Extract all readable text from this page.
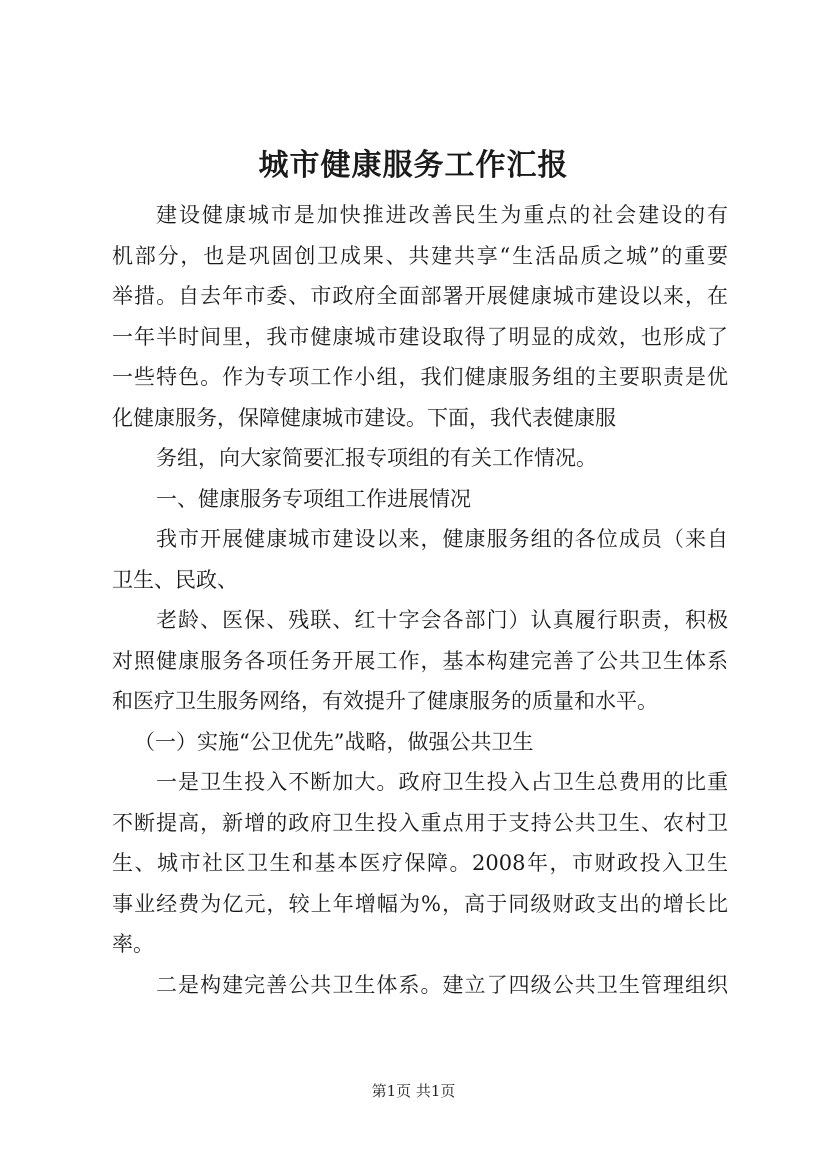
城市健康服务工作汇报
建设健康城市是加快推进改善民生为重点的社会建设的有
机部分，也是巩固创卫成果、共建共享“生活品质之城”的重要
举措。自去年市委、市政府全面部署开展健康城市建设以来，在
一年半时间里，我市健康城市建设取得了明显的成效，也形成了
一些特色。作为专项工作小组，我们健康服务组的主要职责是优
化健康服务，保障健康城市建设。下面，我代表健康服
务组，向大家简要汇报专项组的有关工作情况。
一、健康服务专项组工作进展情况
我市开展健康城市建设以来，健康服务组的各位成员（来自
卫生、民政、
老龄、医保、残联、红十字会各部门）认真履行职责，积极
对照健康服务各项任务开展工作，基本构建完善了公共卫生体系
和医疗卫生服务网络，有效提升了健康服务的质量和水平。
（一）实施“公卫优先”战略，做强公共卫生
一是卫生投入不断加大。政府卫生投入占卫生总费用的比重
不断提高，新增的政府卫生投入重点用于支持公共卫生、农村卫
生、城市社区卫生和基本医疗保障。2008年，市财政投入卫生
事业经费为亿元，较上年增幅为%，高于同级财政支出的增长比
率。
二是构建完善公共卫生体系。建立了四级公共卫生管理组织
第1页 共1页
